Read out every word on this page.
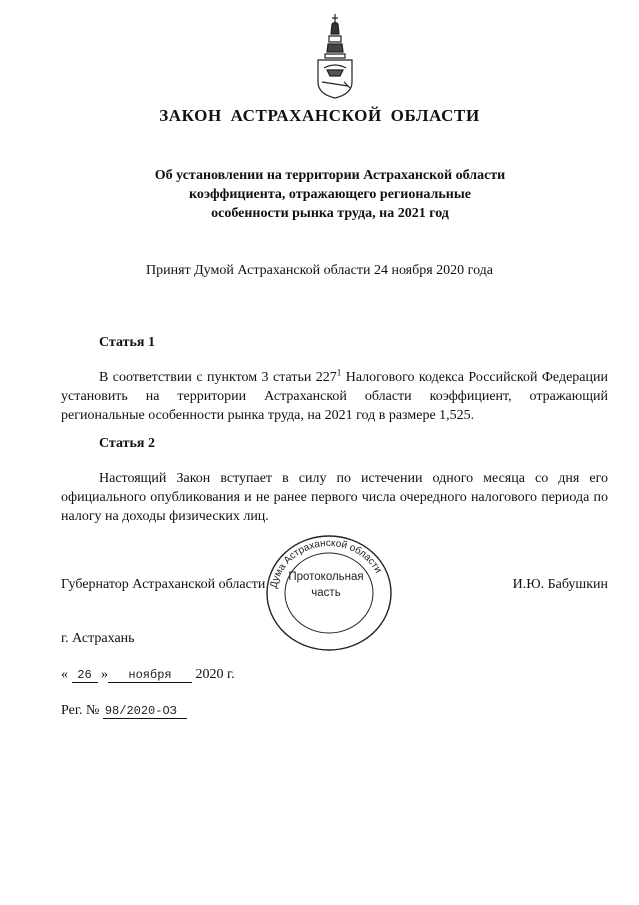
ЗАКОН АСТРАХАНСКОЙ ОБЛАСТИ
Об установлении на территории Астраханской области
коэффициента, отражающего региональные
особенности рынка труда, на 2021 год
Принят Думой Астраханской области 24 ноября 2020 года
Статья 1
В соответствии с пунктом 3 статьи $227^1$ Налогового кодекса Российской Федерации установить на территории Астраханской области коэффициент, отражающий региональные особенности рынка труда, на 2021 год в размере 1,525.
Статья 2
Настоящий Закон вступает в силу по истечении одного месяца со дня его официального опубликования и не ранее первого числа очередного налогового периода по налогу на доходы физических лиц.
Дума Астраханской области
Протокольная
часть
Губернатор Астраханской области	И.Ю. Бабушкин
г. Астрахань
« 26 » ноября 2020 г.
Рег. № 98/2020-ОЗ
